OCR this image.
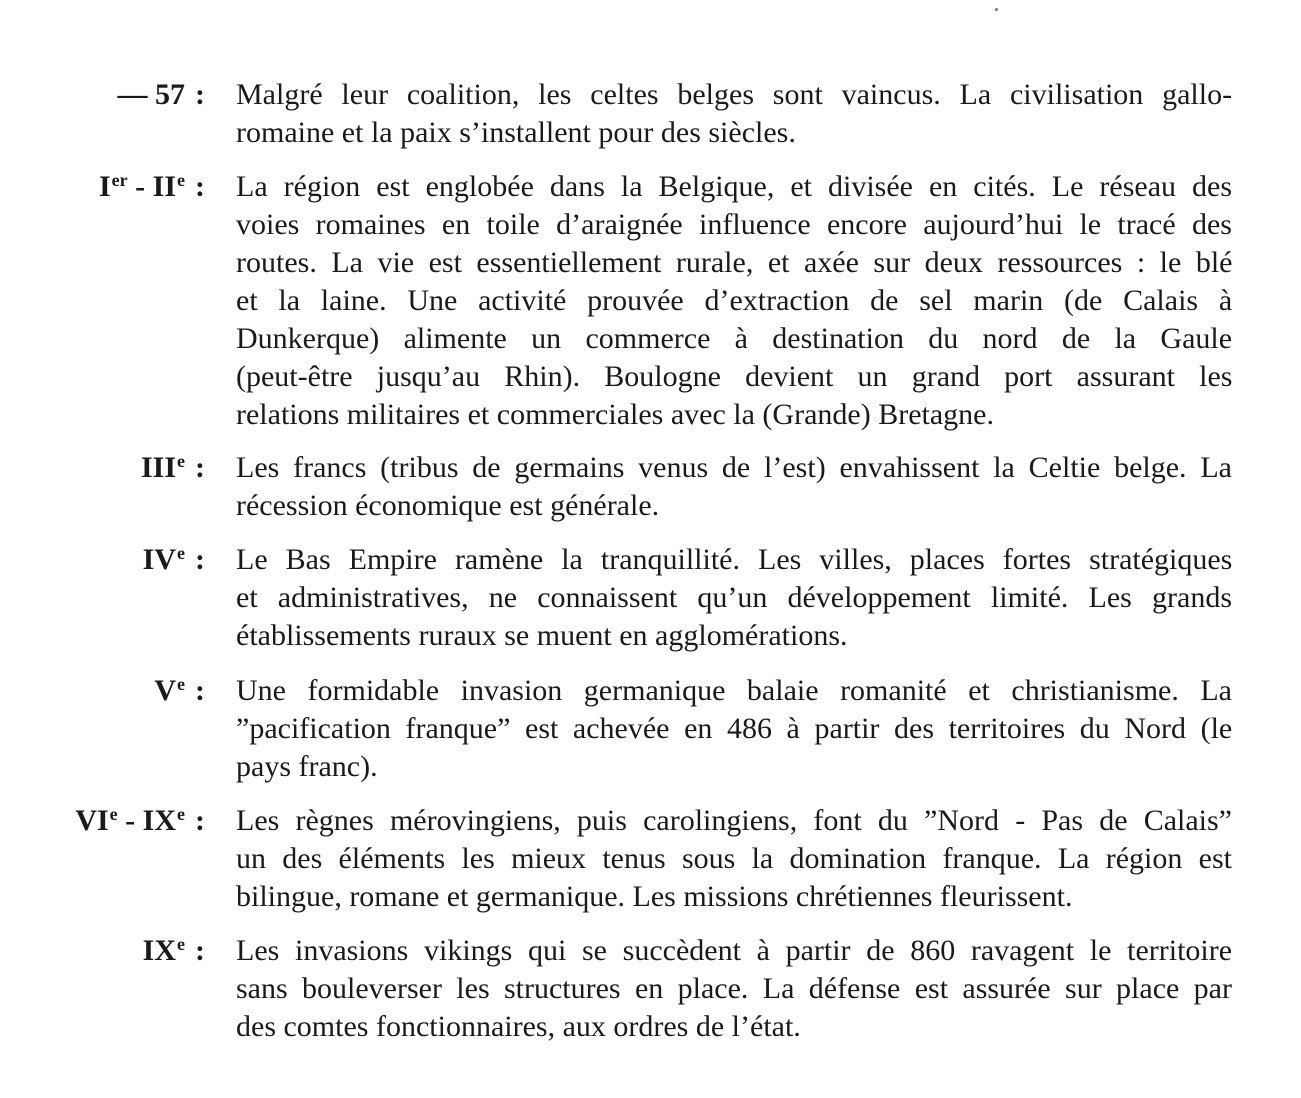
— 57 : Malgré leur coalition, les celtes belges sont vaincus. La civilisation gallo-
romaine et la paix s’installent pour des siècles.
Ier - IIe : La région est englobée dans la Belgique, et divisée en cités. Le réseau des
voies romaines en toile d’araignée influence encore aujourd’hui le tracé des
routes. La vie est essentiellement rurale, et axée sur deux ressources : le blé
et la laine. Une activité prouvée d’extraction de sel marin (de Calais à
Dunkerque) alimente un commerce à destination du nord de la Gaule
(peut-être jusqu’au Rhin). Boulogne devient un grand port assurant les
relations militaires et commerciales avec la (Grande) Bretagne.
IIIe : Les francs (tribus de germains venus de l’est) envahissent la Celtie belge. La
récession économique est générale.
IVe : Le Bas Empire ramène la tranquillité. Les villes, places fortes stratégiques
et administratives, ne connaissent qu’un développement limité. Les grands
établissements ruraux se muent en agglomérations.
Ve : Une formidable invasion germanique balaie romanité et christianisme. La
”pacification franque” est achevée en 486 à partir des territoires du Nord (le
pays franc).
VIe - IXe : Les règnes mérovingiens, puis carolingiens, font du ”Nord - Pas de Calais”
un des éléments les mieux tenus sous la domination franque. La région est
bilingue, romane et germanique. Les missions chrétiennes fleurissent.
IXe : Les invasions vikings qui se succèdent à partir de 860 ravagent le territoire
sans bouleverser les structures en place. La défense est assurée sur place par
des comtes fonctionnaires, aux ordres de l’état.
